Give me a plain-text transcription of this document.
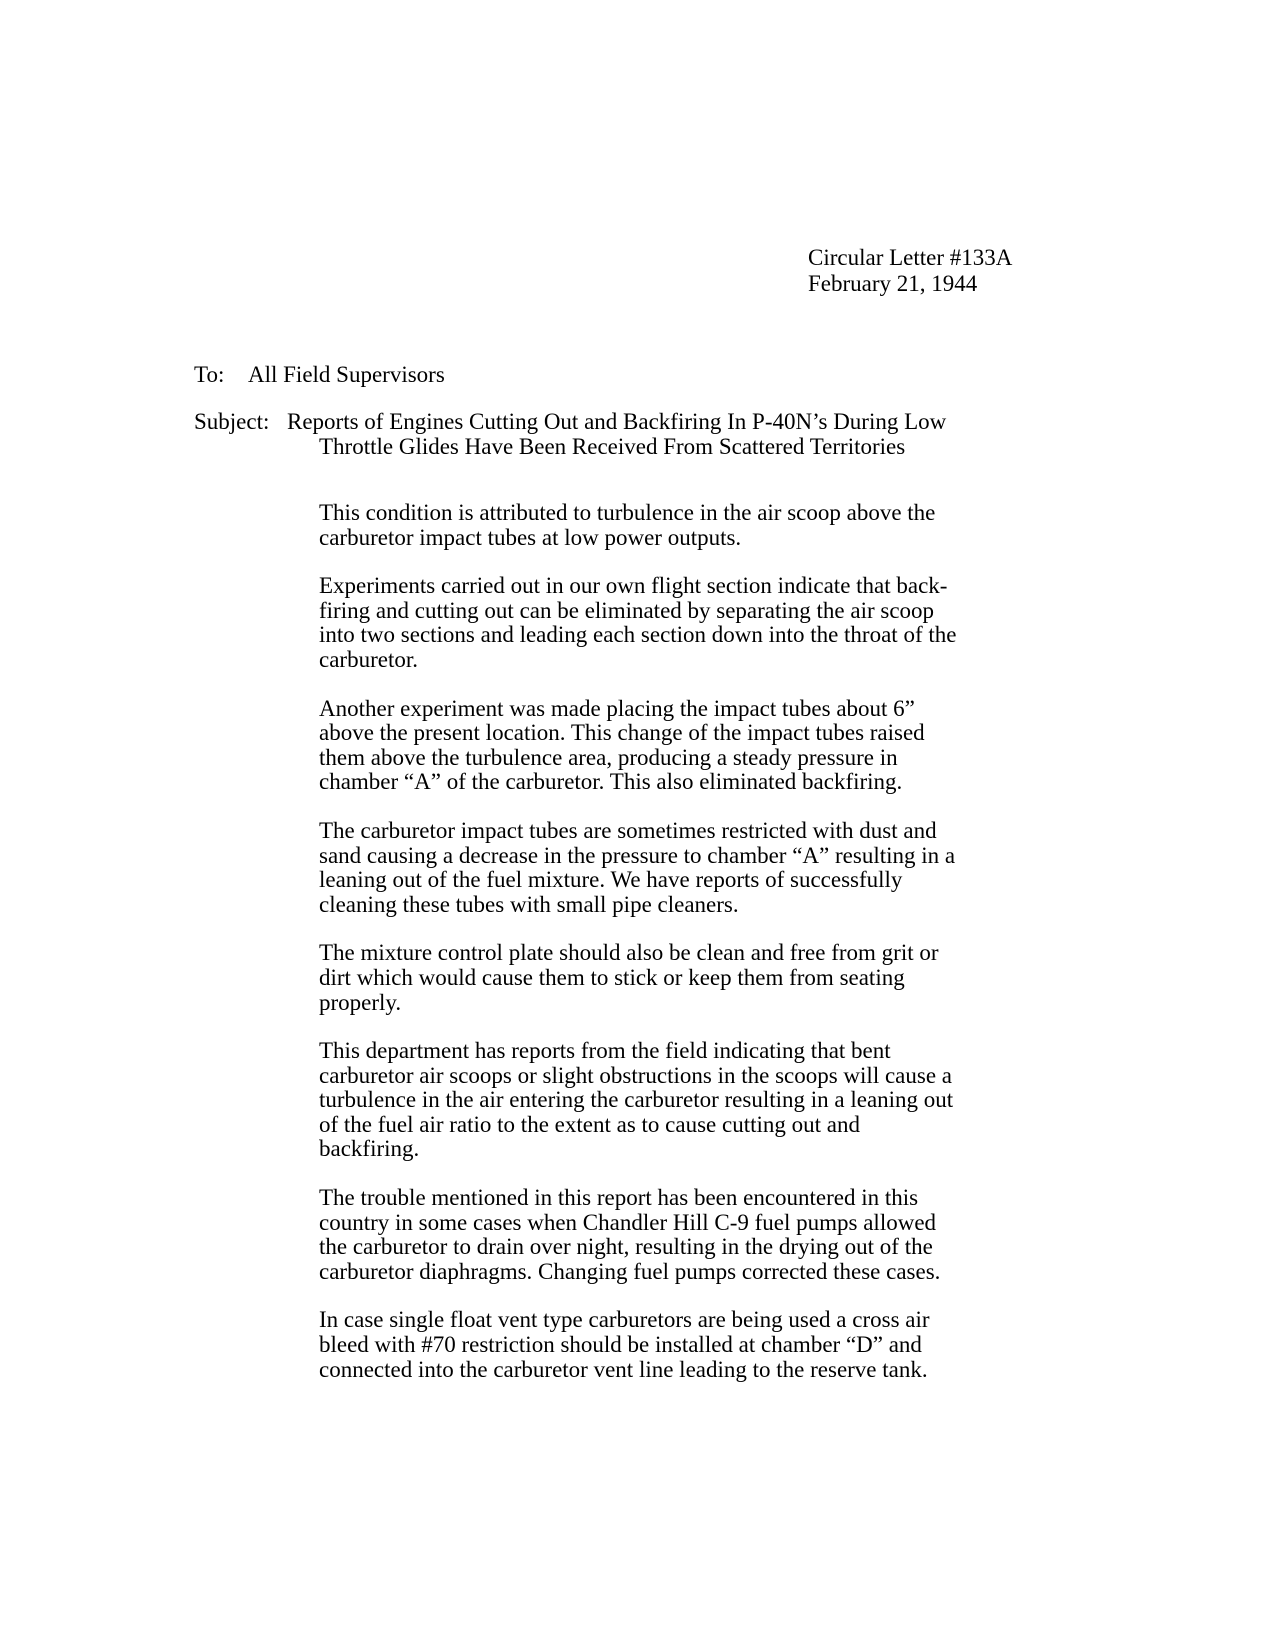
Circular Letter #133A
February 21, 1944
To: All Field Supervisors
Subject: Reports of Engines Cutting Out and Backfiring In P-40N’s During Low
Throttle Glides Have Been Received From Scattered Territories
This condition is attributed to turbulence in the air scoop above the
carburetor impact tubes at low power outputs.
Experiments carried out in our own flight section indicate that back-
firing and cutting out can be eliminated by separating the air scoop
into two sections and leading each section down into the throat of the
carburetor.
Another experiment was made placing the impact tubes about 6”
above the present location. This change of the impact tubes raised
them above the turbulence area, producing a steady pressure in
chamber “A” of the carburetor. This also eliminated backfiring.
The carburetor impact tubes are sometimes restricted with dust and
sand causing a decrease in the pressure to chamber “A” resulting in a
leaning out of the fuel mixture. We have reports of successfully
cleaning these tubes with small pipe cleaners.
The mixture control plate should also be clean and free from grit or
dirt which would cause them to stick or keep them from seating
properly.
This department has reports from the field indicating that bent
carburetor air scoops or slight obstructions in the scoops will cause a
turbulence in the air entering the carburetor resulting in a leaning out
of the fuel air ratio to the extent as to cause cutting out and
backfiring.
The trouble mentioned in this report has been encountered in this
country in some cases when Chandler Hill C-9 fuel pumps allowed
the carburetor to drain over night, resulting in the drying out of the
carburetor diaphragms. Changing fuel pumps corrected these cases.
In case single float vent type carburetors are being used a cross air
bleed with #70 restriction should be installed at chamber “D” and
connected into the carburetor vent line leading to the reserve tank.
